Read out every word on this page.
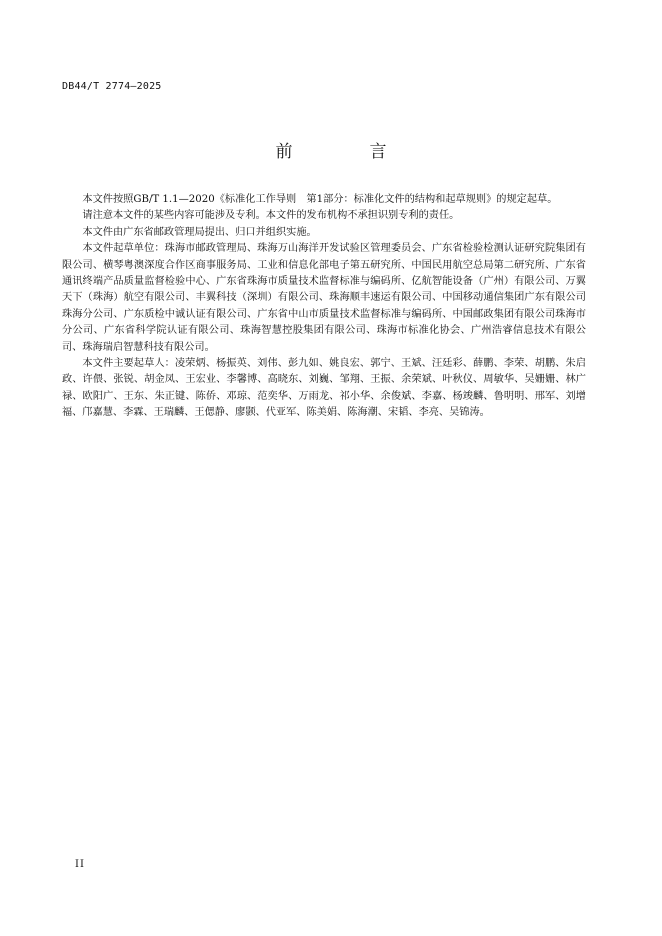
DB44/T 2774—2025
前　言

本文件按照GB/T 1.1—2020《标准化工作导则　第1部分：标准化文件的结构和起草规则》的规定起草。

请注意本文件的某些内容可能涉及专利。本文件的发布机构不承担识别专利的责任。

本文件由广东省邮政管理局提出、归口并组织实施。

本文件起草单位：珠海市邮政管理局、珠海万山海洋开发试验区管理委员会、广东省检验检测认证研究院集团有限公司、横琴粤澳深度合作区商事服务局、工业和信息化部电子第五研究所、中国民用航空总局第二研究所、广东省通讯终端产品质量监督检验中心、广东省珠海市质量技术监督标准与编码所、亿航智能设备（广州）有限公司、万翼天下（珠海）航空有限公司、丰翼科技（深圳）有限公司、珠海顺丰速运有限公司、中国移动通信集团广东有限公司珠海分公司、广东质检中诚认证有限公司、广东省中山市质量技术监督标准与编码所、中国邮政集团有限公司珠海市分公司、广东省科学院认证有限公司、珠海智慧控股集团有限公司、珠海市标准化协会、广州浩睿信息技术有限公司、珠海瑞启智慧科技有限公司。

本文件主要起草人：凌荣炳、杨振英、刘伟、彭九如、姚良宏、郭宁、王斌、汪廷彩、薛鹏、李荣、胡鹏、朱启政、许偎、张锐、胡金凤、王宏业、李馨博、高晓东、刘巍、邹翔、王振、余荣斌、叶秋仪、周敏华、吴姗姗、林广禄、欧阳广、王东、朱正键、陈侨、邓琼、范奕华、万雨龙、祁小华、余俊斌、李嘉、杨竣麟、鲁明明、邢军、刘增福、邝嘉慧、李霖、王瑞麟、王偲静、廖颢、代亚军、陈美娟、陈海潮、宋韬、李亮、吴锦涛。

II
